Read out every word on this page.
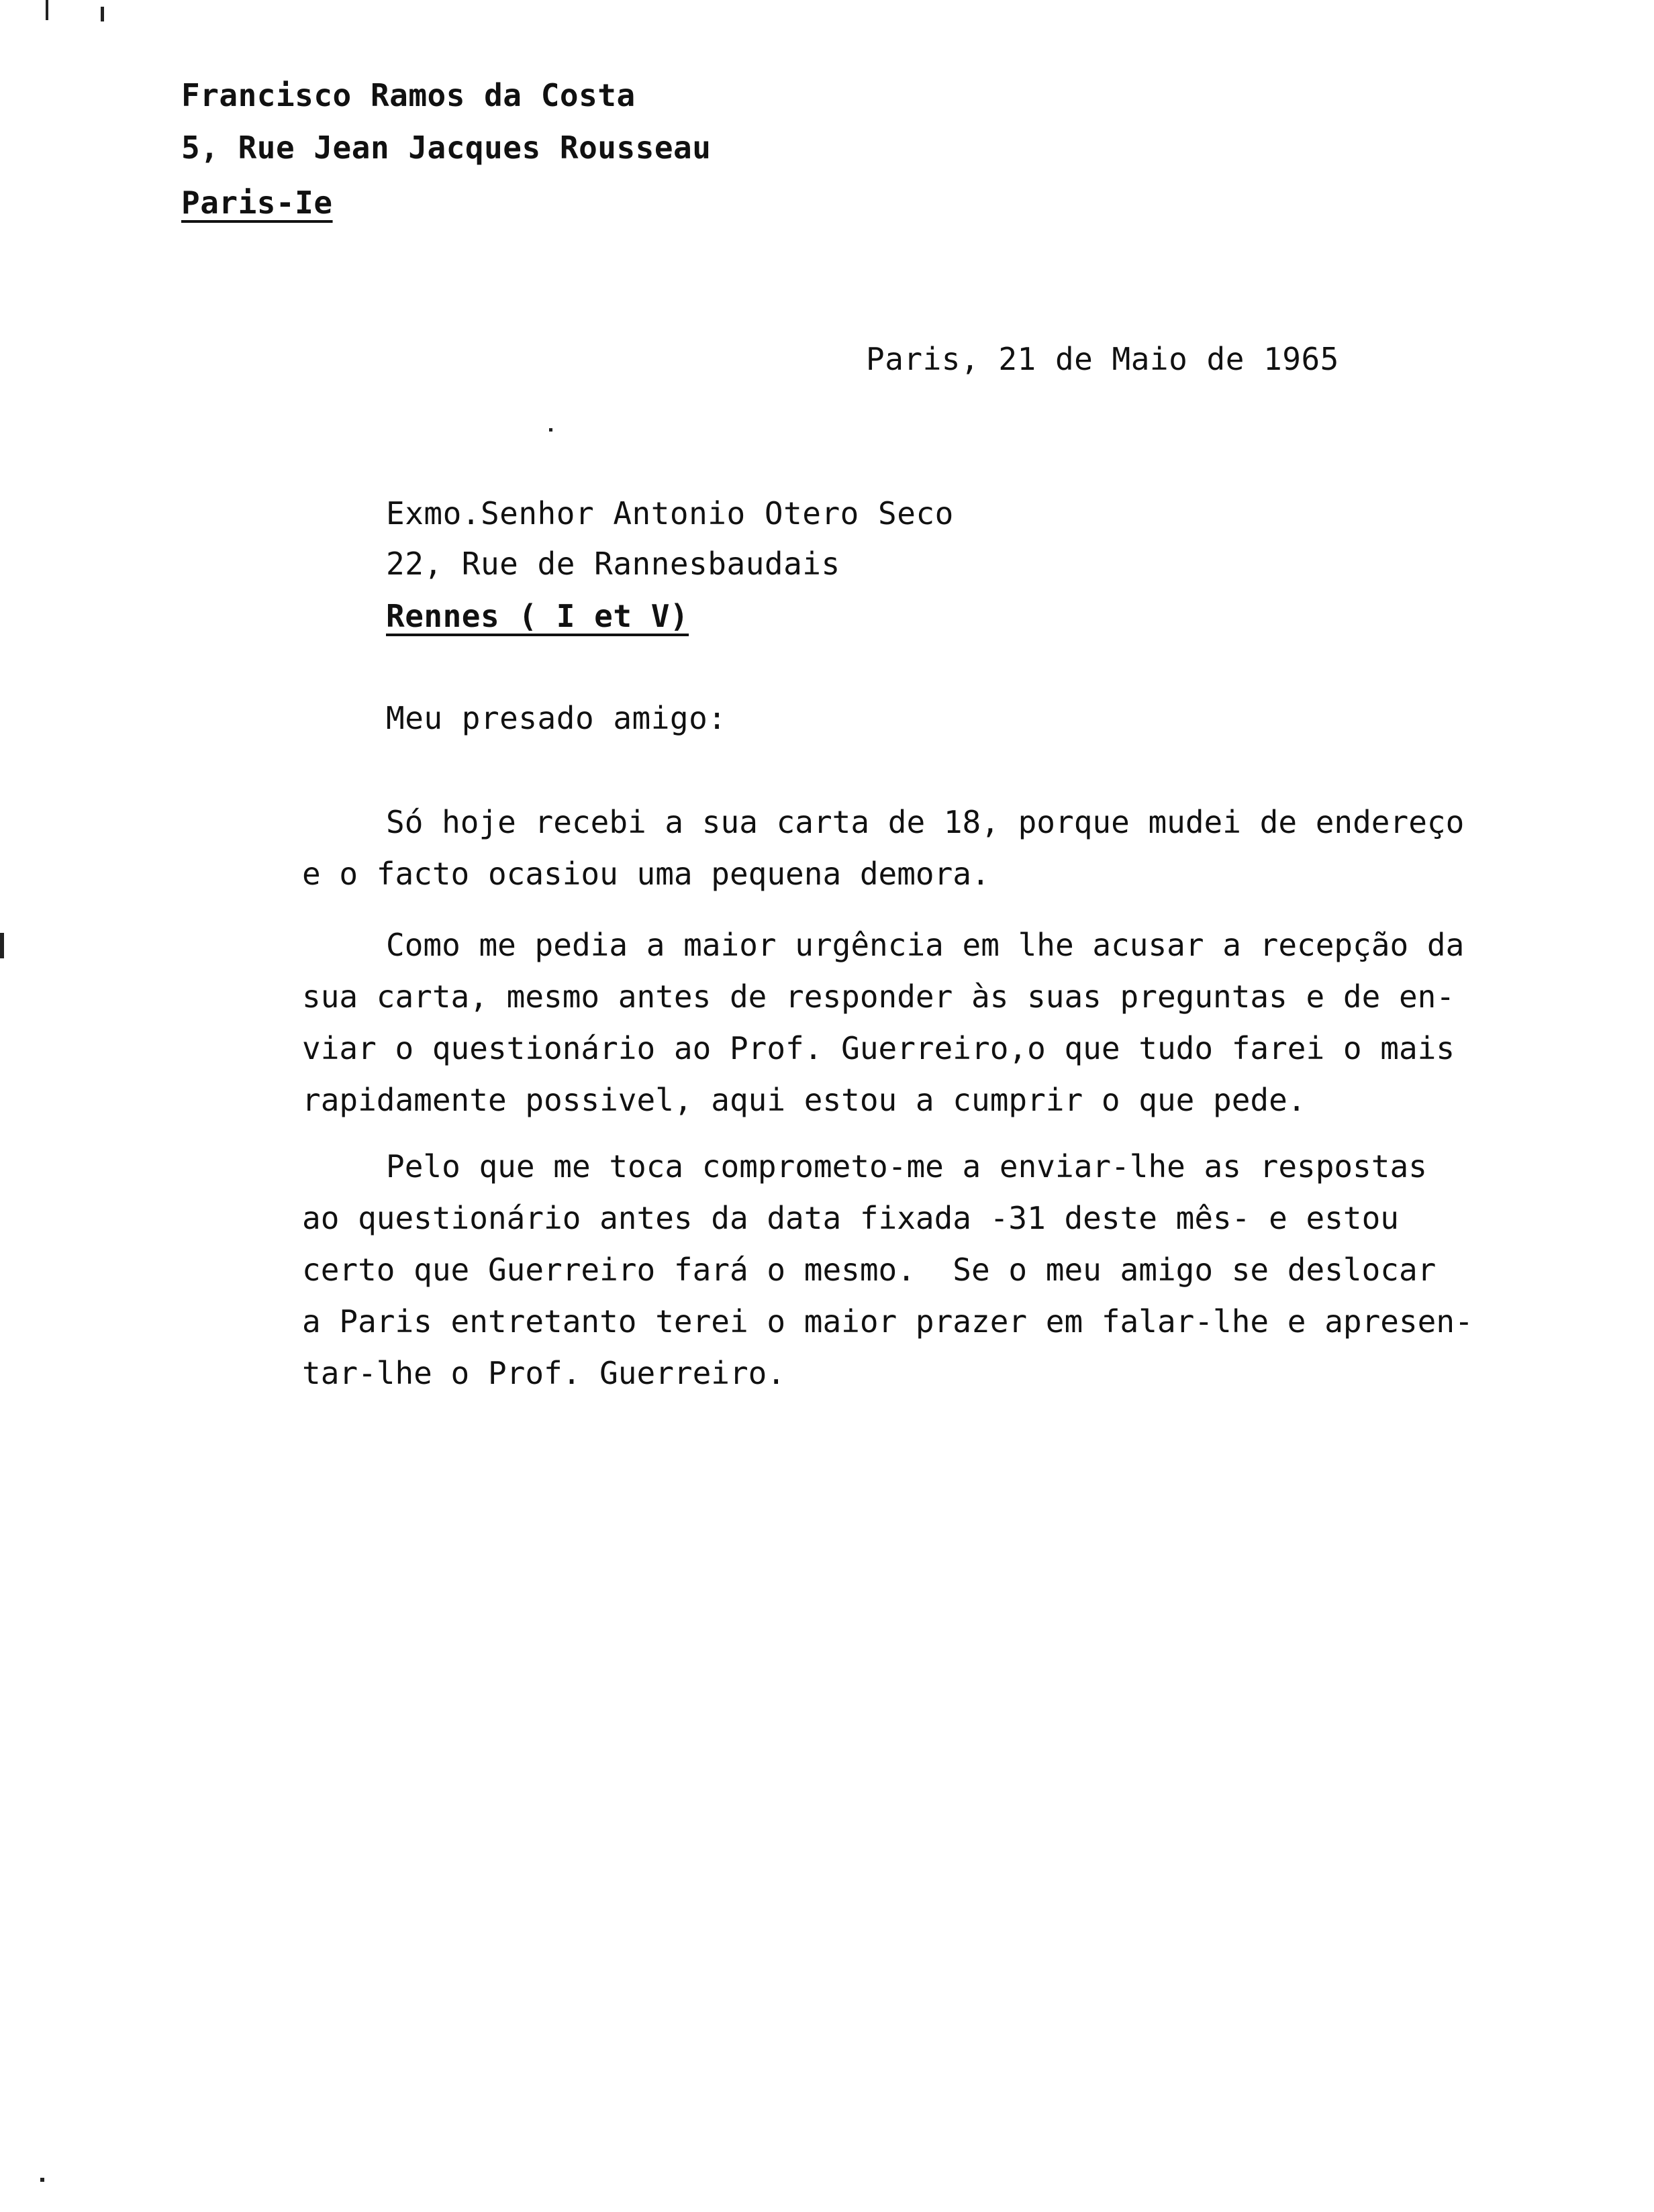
Francisco Ramos da Costa
5, Rue Jean Jacques Rousseau
Paris-Ie
Paris, 21 de Maio de 1965
Exmo.Senhor Antonio Otero Seco
22, Rue de Rannesbaudais
Rennes ( I et V)
Meu presado amigo:
Só hoje recebi a sua carta de 18, porque mudei de endereço
e o facto ocasiou uma pequena demora.
Como me pedia a maior urgência em lhe acusar a recepção da
sua carta, mesmo antes de responder às suas preguntas e de en-
viar o questionário ao Prof. Guerreiro,o que tudo farei o mais
rapidamente possivel, aqui estou a cumprir o que pede.
Pelo que me toca comprometo-me a enviar-lhe as respostas
ao questionário antes da data fixada -31 deste mês- e estou
certo que Guerreiro fará o mesmo.  Se o meu amigo se deslocar
a Paris entretanto terei o maior prazer em falar-lhe e apresen-
tar-lhe o Prof. Guerreiro.
